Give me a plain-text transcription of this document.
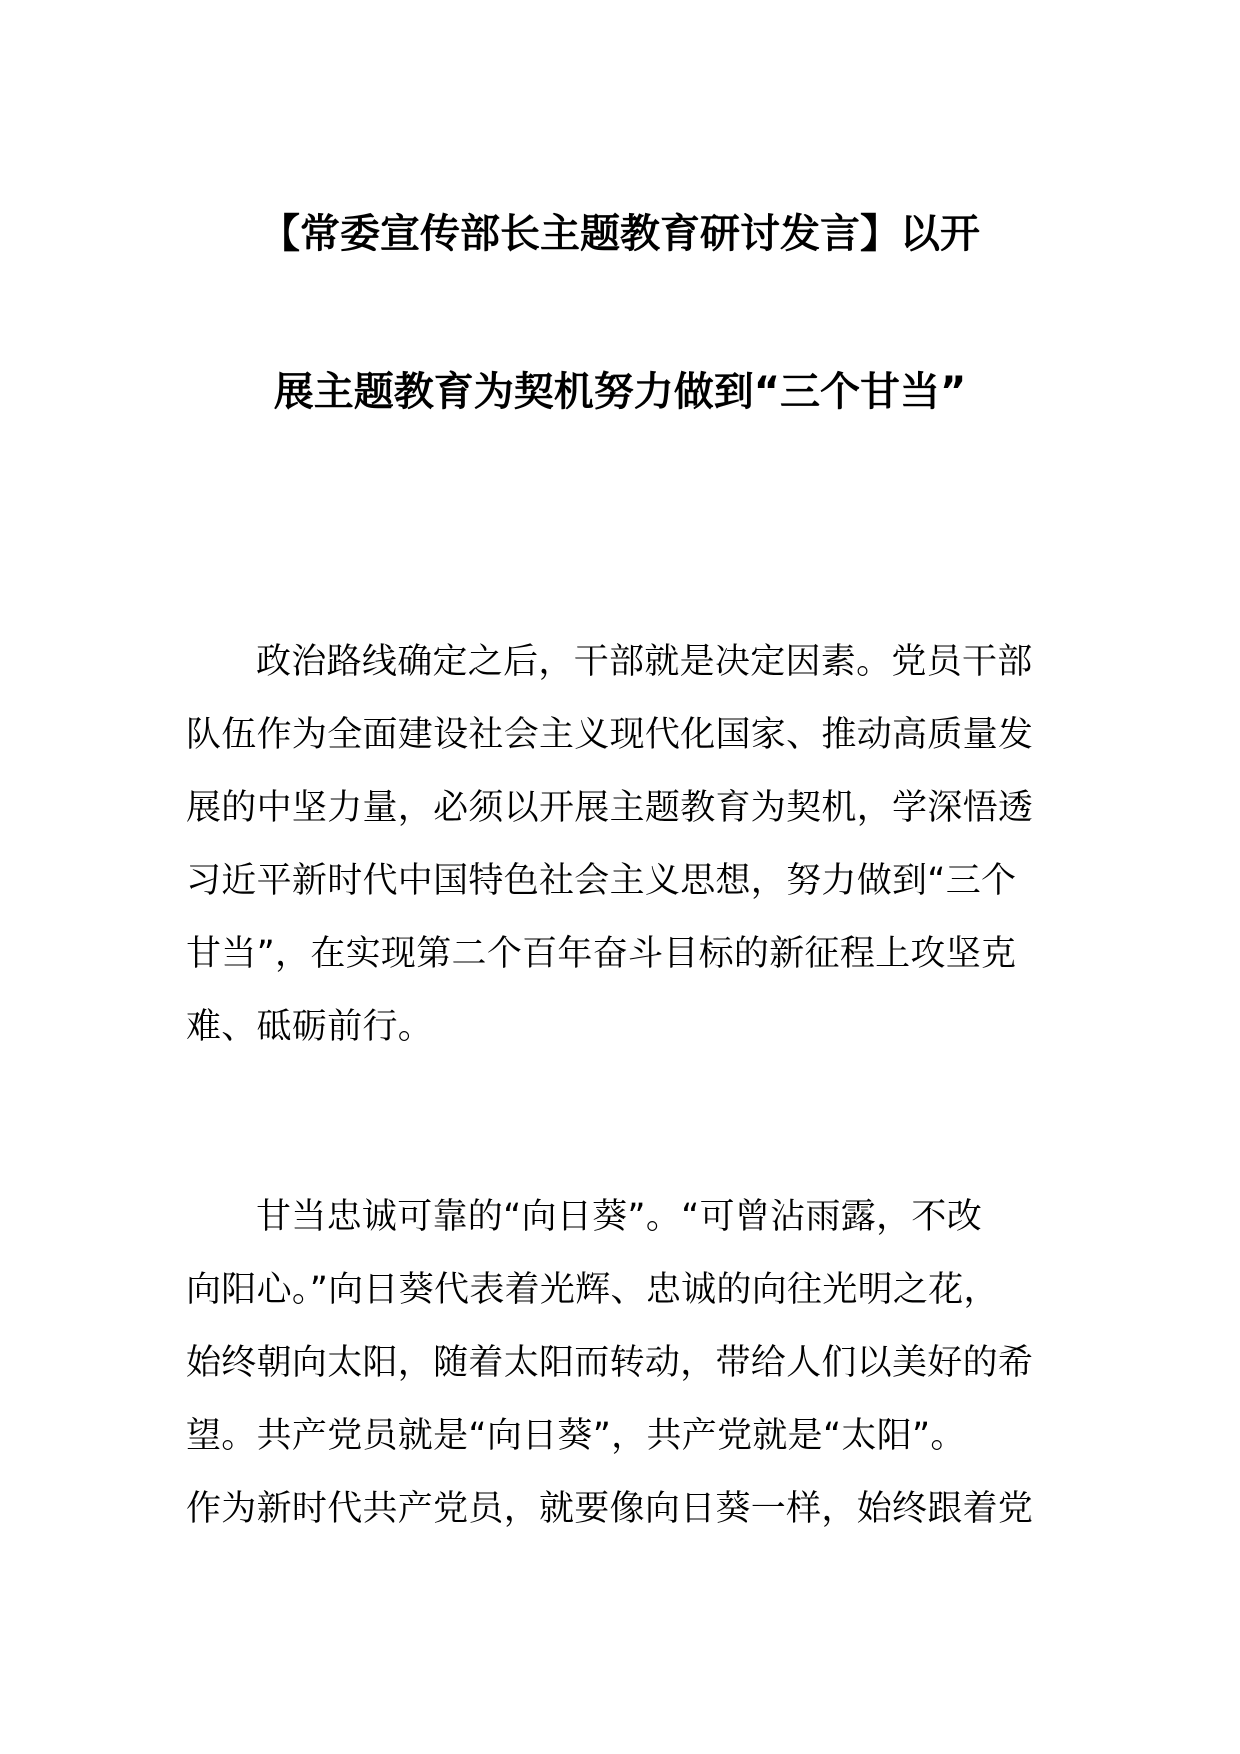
【常委宣传部长主题教育研讨发言】以开
展主题教育为契机努力做到“三个甘当”

政治路线确定之后，干部就是决定因素。党员干部

队伍作为全面建设社会主义现代化国家、推动高质量发

展的中坚力量，必须以开展主题教育为契机，学深悟透

习近平新时代中国特色社会主义思想，努力做到“三个

甘当”，在实现第二个百年奋斗目标的新征程上攻坚克

难、砥砺前行。

甘当忠诚可靠的“向日葵”。“可曾沾雨露，不改

向阳心。”向日葵代表着光辉、忠诚的向往光明之花，

始终朝向太阳，随着太阳而转动，带给人们以美好的希

望。共产党员就是“向日葵”，共产党就是“太阳”。

作为新时代共产党员，就要像向日葵一样，始终跟着党
